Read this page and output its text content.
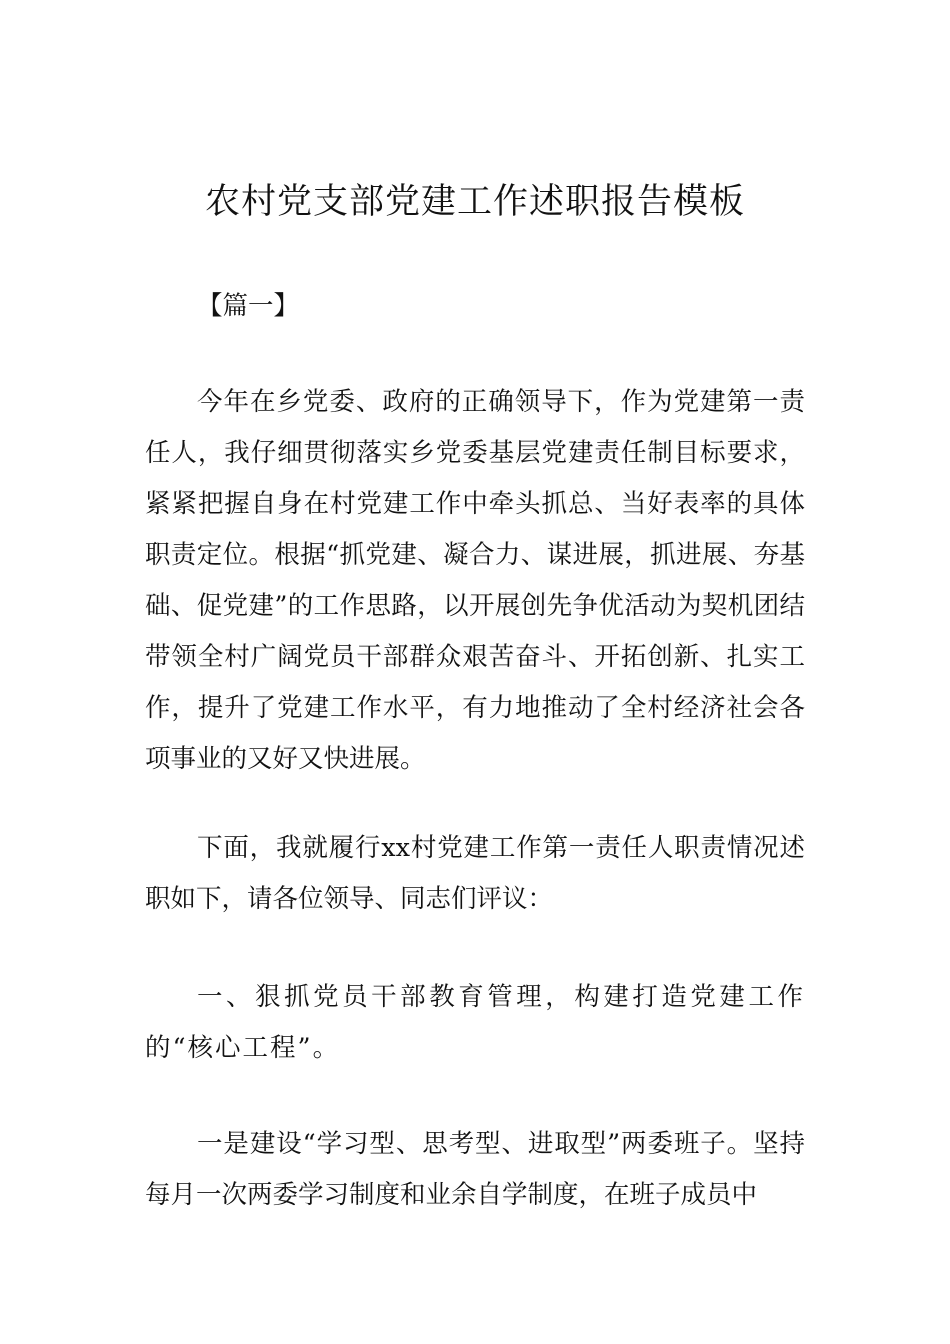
农村党支部党建工作述职报告模板

【篇一】

今年在乡党委、政府的正确领导下，作为党建第一责任人，我仔细贯彻落实乡党委基层党建责任制目标要求，紧紧把握自身在村党建工作中牵头抓总、当好表率的具体职责定位。根据“抓党建、凝合力、谋进展，抓进展、夯基础、促党建”的工作思路，以开展创先争优活动为契机团结带领全村广阔党员干部群众艰苦奋斗、开拓创新、扎实工作，提升了党建工作水平，有力地推动了全村经济社会各项事业的又好又快进展。

下面，我就履行xx村党建工作第一责任人职责情况述职如下，请各位领导、同志们评议：

一、狠抓党员干部教育管理，构建打造党建工作的“核心工程”。

一是建设“学习型、思考型、进取型”两委班子。坚持每月一次两委学习制度和业余自学制度，在班子成员中
